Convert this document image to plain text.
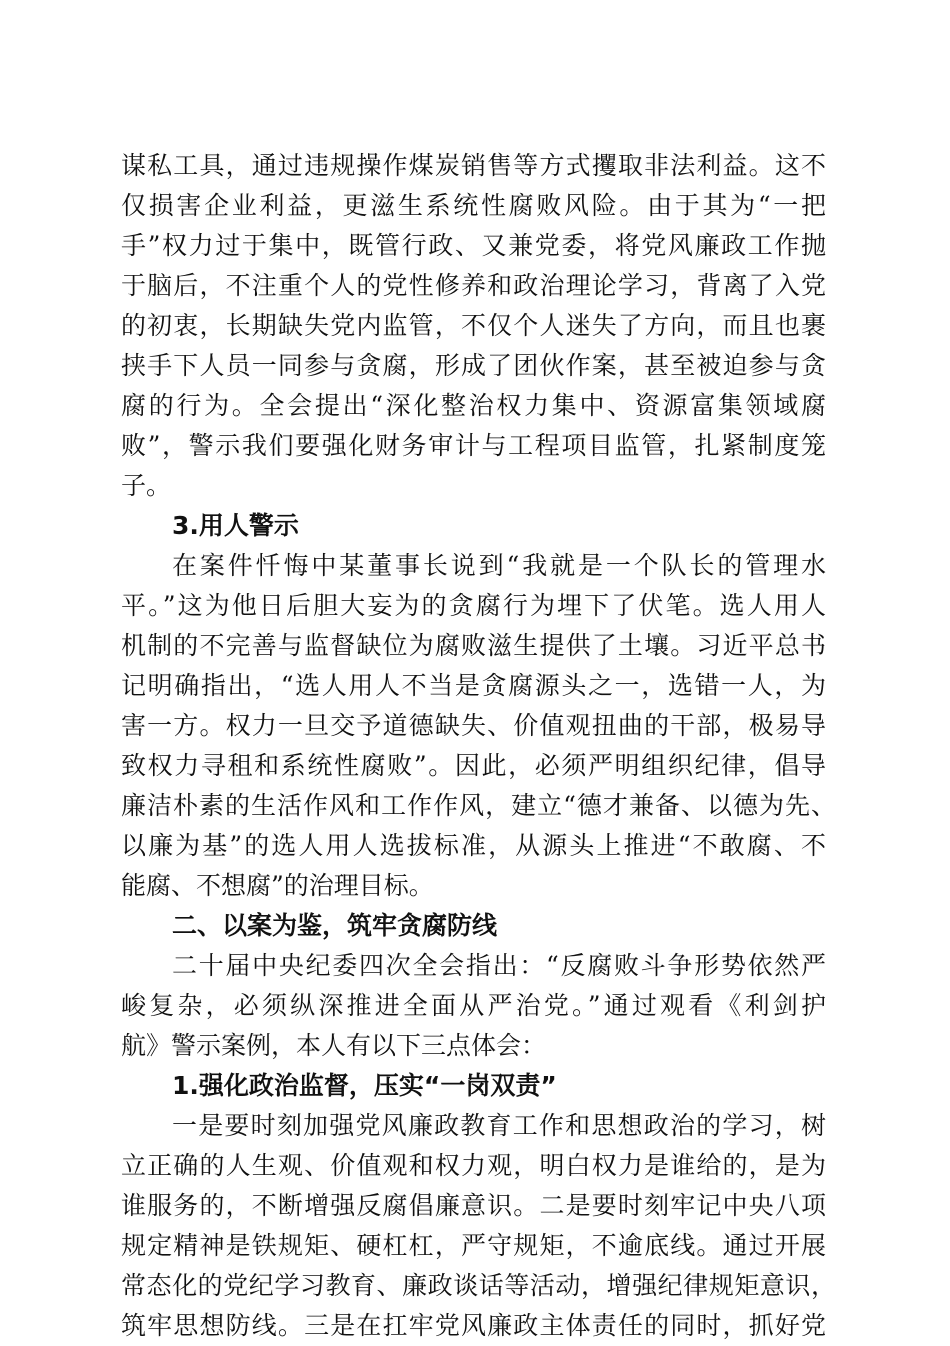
谋私工具，通过违规操作煤炭销售等方式攫取非法利益。这不
仅损害企业利益，更滋生系统性腐败风险。由于其为“一把
手”权力过于集中，既管行政、又兼党委，将党风廉政工作抛
于脑后，不注重个人的党性修养和政治理论学习，背离了入党
的初衷，长期缺失党内监管，不仅个人迷失了方向，而且也裹
挟手下人员一同参与贪腐，形成了团伙作案，甚至被迫参与贪
腐的行为。全会提出“深化整治权力集中、资源富集领域腐
败”，警示我们要强化财务审计与工程项目监管，扎紧制度笼
子。
3.用人警示
在案件忏悔中某董事长说到“我就是一个队长的管理水
平。”这为他日后胆大妄为的贪腐行为埋下了伏笔。选人用人
机制的不完善与监督缺位为腐败滋生提供了土壤。习近平总书
记明确指出，“选人用人不当是贪腐源头之一，选错一人，为
害一方。权力一旦交予道德缺失、价值观扭曲的干部，极易导
致权力寻租和系统性腐败”。因此，必须严明组织纪律，倡导
廉洁朴素的生活作风和工作作风，建立“德才兼备、以德为先、
以廉为基”的选人用人选拔标准，从源头上推进“不敢腐、不
能腐、不想腐”的治理目标。
二、以案为鉴，筑牢贪腐防线
二十届中央纪委四次全会指出：“反腐败斗争形势依然严
峻复杂，必须纵深推进全面从严治党。”通过观看《利剑护
航》警示案例，本人有以下三点体会：
1.强化政治监督，压实“一岗双责”
一是要时刻加强党风廉政教育工作和思想政治的学习，树
立正确的人生观、价值观和权力观，明白权力是谁给的，是为
谁服务的，不断增强反腐倡廉意识。二是要时刻牢记中央八项
规定精神是铁规矩、硬杠杠，严守规矩，不逾底线。通过开展
常态化的党纪学习教育、廉政谈话等活动，增强纪律规矩意识，
筑牢思想防线。三是在扛牢党风廉政主体责任的同时，抓好党
